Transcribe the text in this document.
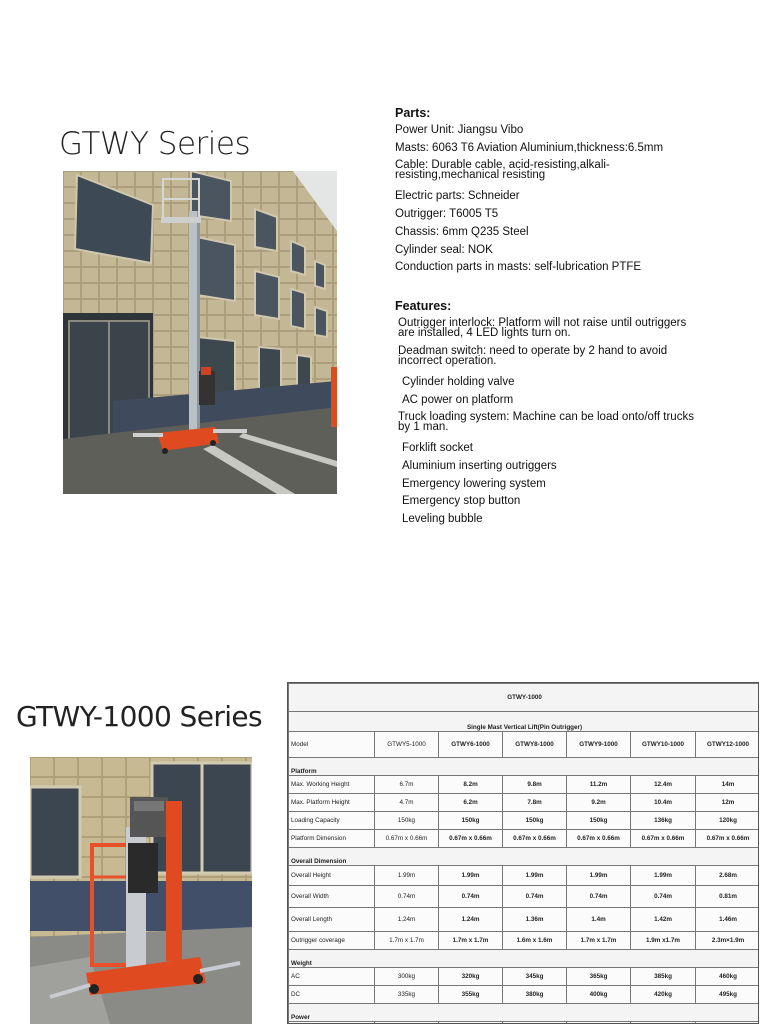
GTWY Series
Parts:
Power Unit: Jiangsu Vibo
Masts: 6063 T6 Aviation Aluminium,thickness:6.5mm
Cable: Durable cable, acid-resisting,alkali-resisting,mechanical resisting
Electric parts: Schneider
Outrigger: T6005 T5
Chassis: 6mm Q235 Steel
Cylinder seal: NOK
Conduction parts in masts: self-lubrication PTFE
Features:
Outrigger interlock: Platform will not raise until outriggers are installed, 4 LED lights turn on.
Deadman switch: need to operate by 2 hand to avoid incorrect operation.
Cylinder holding valve
AC power on platform
Truck loading system: Machine can be load onto/off trucks by 1 man.
Forklift socket
Aluminium inserting outriggers
Emergency lowering system
Emergency stop button
Leveling bubble
GTWY-1000 Series
GTWY-1000						
Single Mast Vertical Lift(Pin Outrigger)						
Model	GTWY5-1000	GTWY6-1000	GTWY8-1000	GTWY9-1000	GTWY10-1000	GTWY12-1000
Platform						
Max. Working Height	6.7m	8.2m	9.8m	11.2m	12.4m	14m
Max. Platform Height	4.7m	6.2m	7.8m	9.2m	10.4m	12m
Loading Capacity	150kg	150kg	150kg	150kg	136kg	120kg
Platform Dimension	0.67m x 0.66m	0.67m x 0.66m	0.67m x 0.66m	0.67m x 0.66m	0.67m x 0.66m	0.67m x 0.66m
Overall Dimension						
Overall Height	1.99m	1.99m	1.99m	1.99m	1.99m	2.68m
Overall Width	0.74m	0.74m	0.74m	0.74m	0.74m	0.81m
Overall Length	1.24m	1.24m	1.36m	1.4m	1.42m	1.46m
Outrigger coverage	1.7m x 1.7m	1.7m x 1.7m	1.6m x 1.6m	1.7m x 1.7m	1.9m x1.7m	2.3m×1.9m
Weight						
AC	300kg	320kg	345kg	365kg	385kg	460kg
DC	335kg	355kg	380kg	400kg	420kg	495kg
Power						
